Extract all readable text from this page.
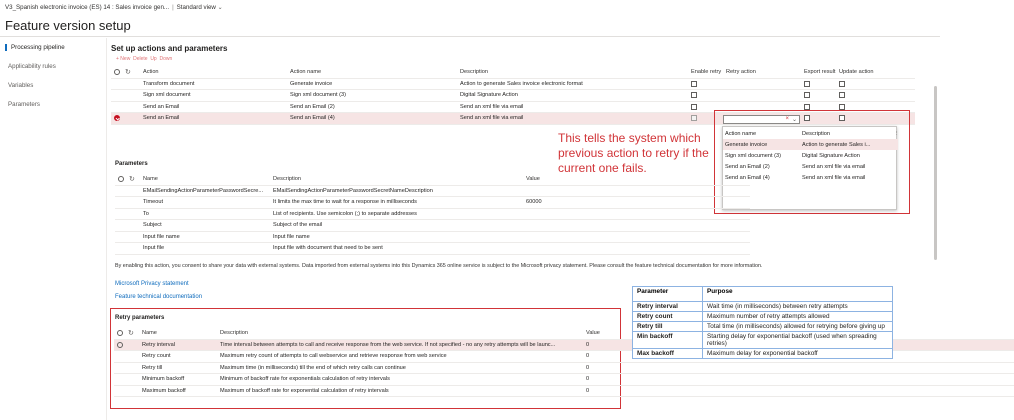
V3_Spanish electronic invoice (ES) 14 : Sales invoice gen... | Standard view ⌄
Feature version setup
Processing pipeline
Applicability rules
Variables
Parameters
Set up actions and parameters
+ New  Delete  Up  Down
	↻	Action	Action name	Description	Enable retry	Retry action	Export result	Update action
		Transform document	Generate invoice	Action to generate Sales invoice electronic format				
		Sign xml document	Sign xml document (3)	Digital Signature Action				
		Send an Email	Send an Email (2)	Send an xml file via email				
		Send an Email	Send an Email (4)	Send an xml file via email					× ⌄
Action name	Description	⋮
Generate invoice	Action to generate Sales i...	
Sign xml document (3)	Digital Signature Action	
Send an Email (2)	Send an xml file via email	
Send an Email (4)	Send an xml file via email	
This tells the system which previous action to retry if the current one fails.
Parameters
	↻	Name	Description	Value
		EMailSendingActionParameterPasswordSecre...	EMailSendingActionParameterPasswordSecretNameDescription	
		Timeout	It limits the max time to wait for a response in milliseconds	60000
		To	List of recipients. Use semicolon (;) to separate addresses	
		Subject	Subject of the email	
		Input file name	Input file name	
		Input file	Input file with document that need to be sent	
By enabling this action, you consent to share your data with external systems. Data imported from external systems into this Dynamics 365 online service is subject to the Microsoft privacy statement. Please consult the feature technical documentation for more information.
Microsoft Privacy statement
Feature technical documentation
Retry parameters
	↻	Name	Description	Value
		Retry interval	Time interval between attempts to call and receive response from the web service. If not specified - no any retry attempts will be launc...	0
		Retry count	Maximum retry count of attempts to call webservice and retrieve response from web service	0
		Retry till	Maximum time (in milliseconds) till the end of which retry calls can continue	0
		Minimum backoff	Minimum of backoff rate for exponentials calculation of retry intervals	0
		Maximum backoff	Maximum of backoff rate for exponential calculation of retry intervals	0
Parameter	Purpose
Retry interval	Wait time (in milliseconds) between retry attempts
Retry count	Maximum number of retry attempts allowed
Retry till	Total time (in milliseconds) allowed for retrying before giving up
Min backoff	Starting delay for exponential backoff (used when spreading retries)
Max backoff	Maximum delay for exponential backoff
